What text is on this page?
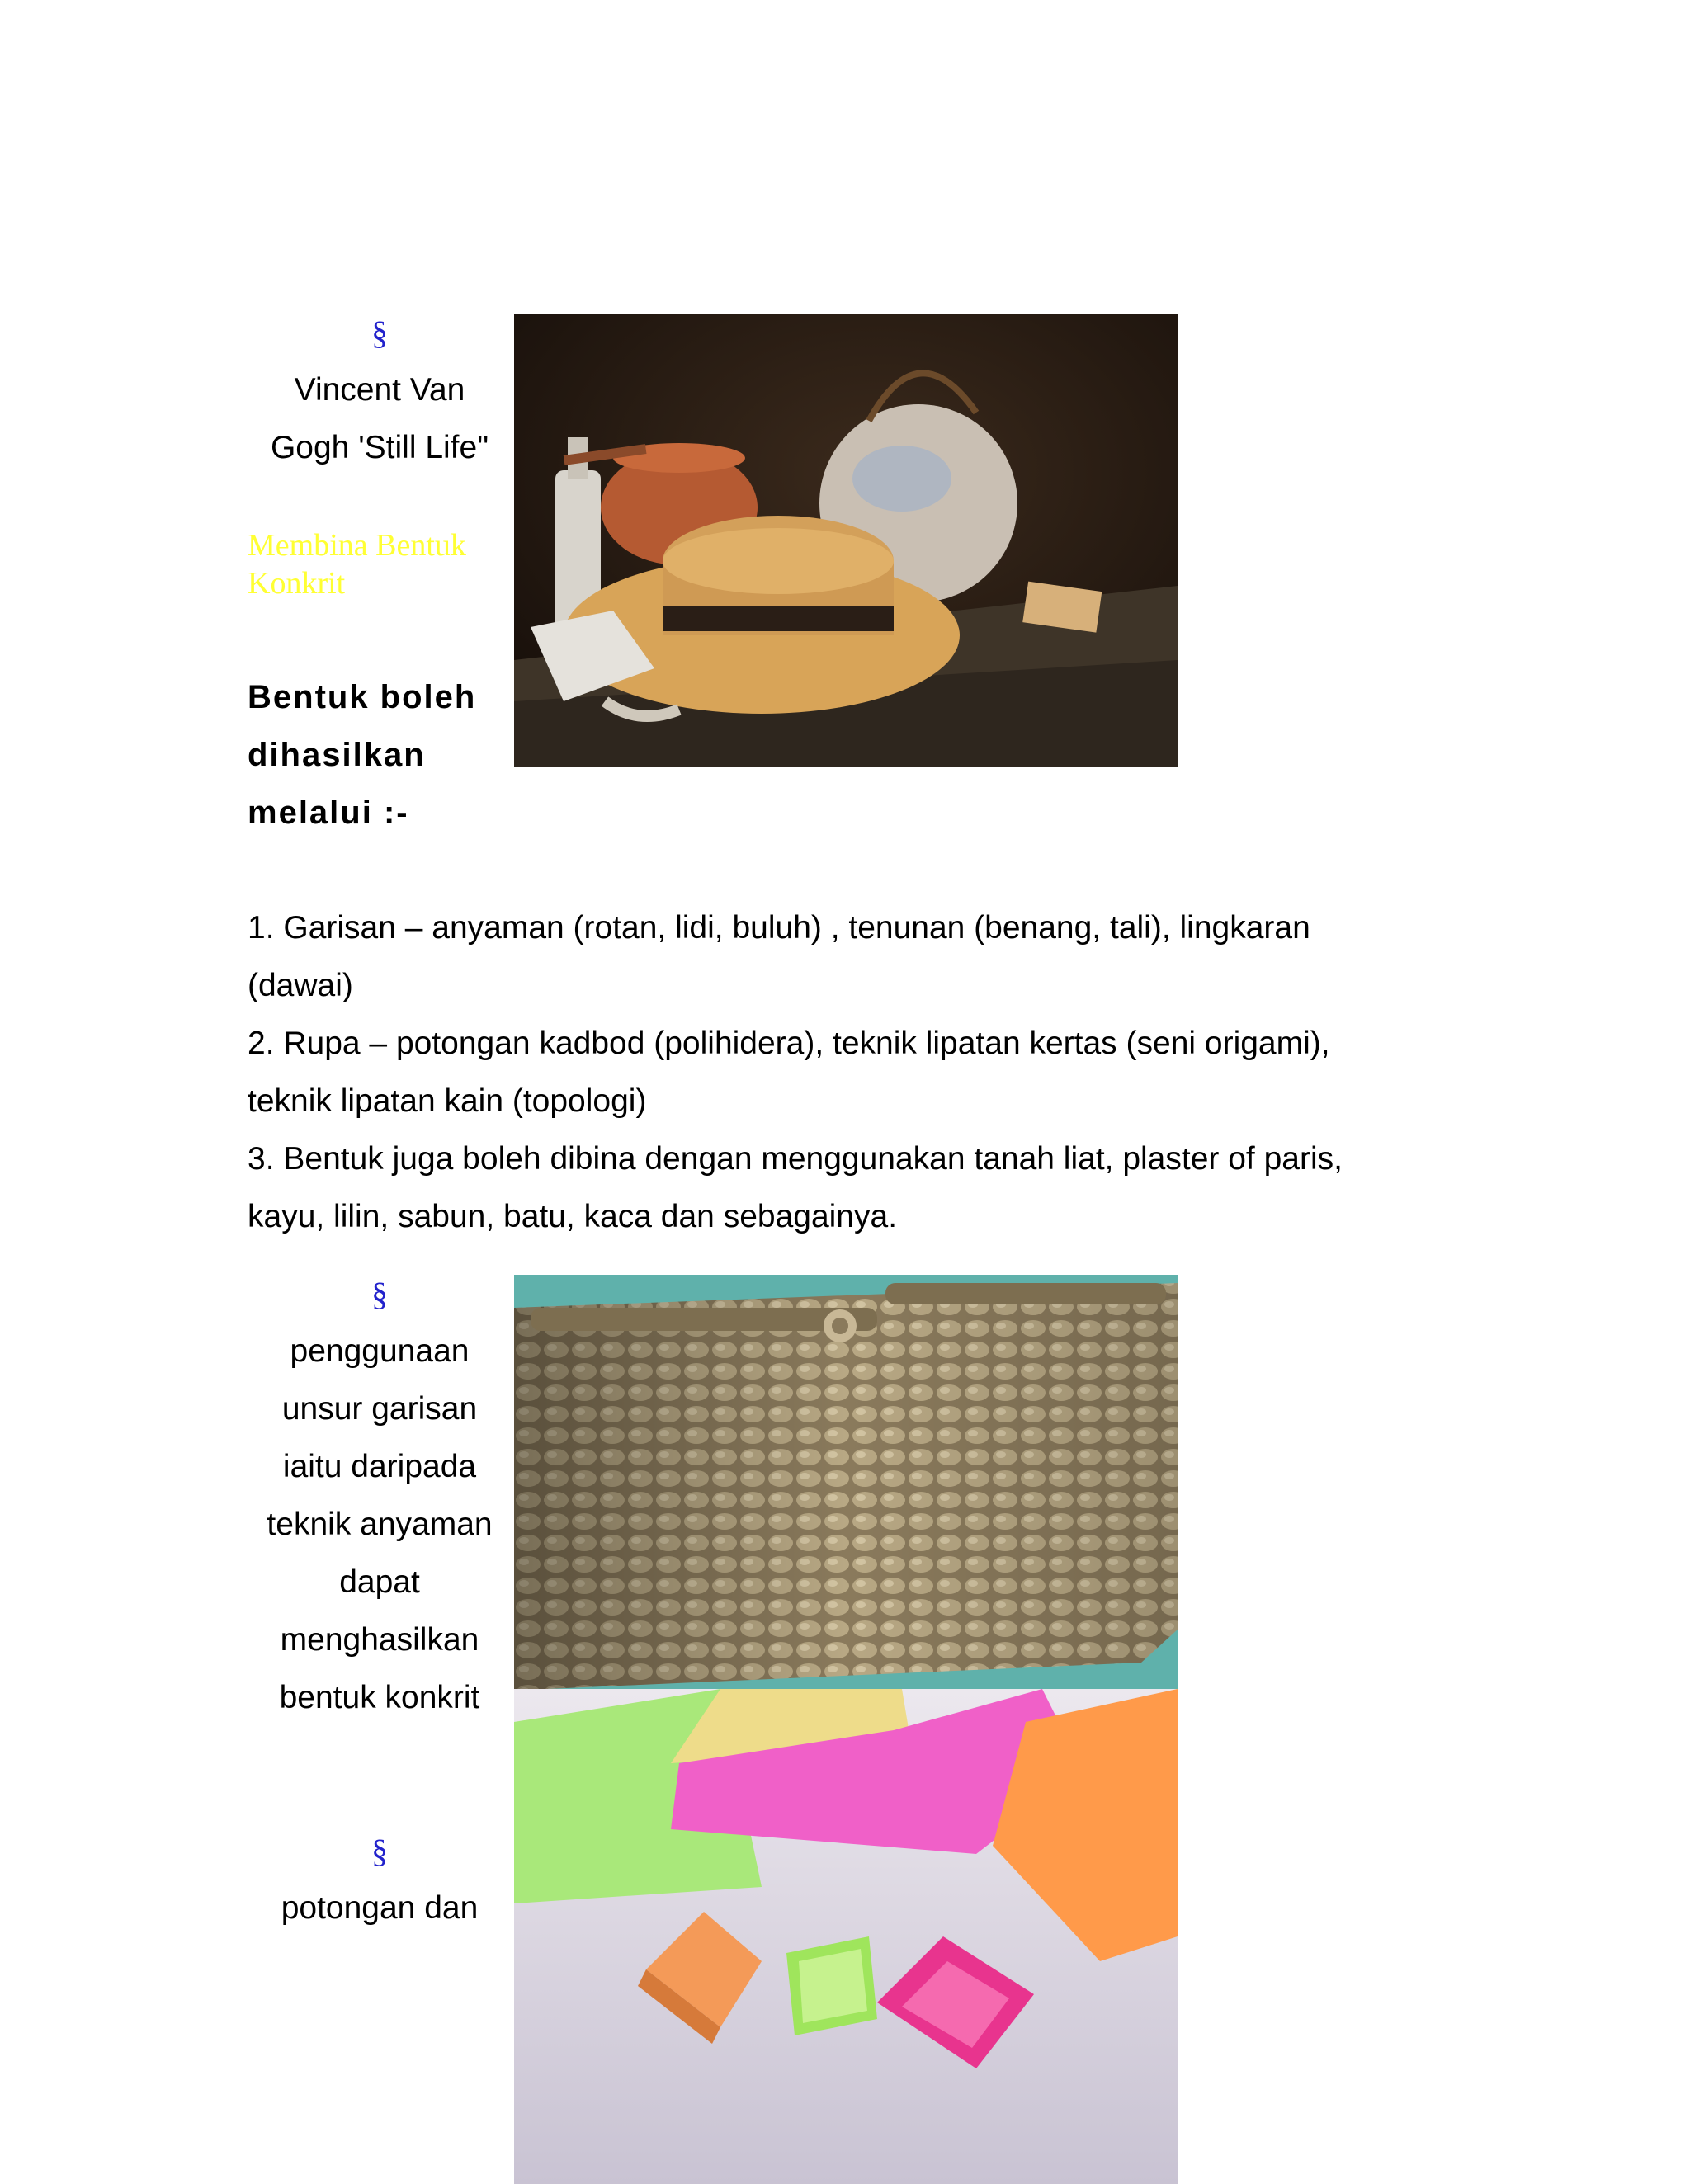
§
Vincent Van
Gogh 'Still Life"
Membina Bentuk
Konkrit
Bentuk boleh
dihasilkan
melalui :-

1. Garisan – anyaman (rotan, lidi, buluh) , tenunan (benang, tali), lingkaran (dawai)

2. Rupa – potongan kadbod (polihidera), teknik lipatan kertas (seni origami), teknik lipatan kain (topologi)

3. Bentuk juga boleh dibina dengan menggunakan tanah liat, plaster of paris, kayu, lilin, sabun, batu, kaca dan sebagainya.

§
penggunaan
unsur garisan
iaitu daripada
teknik anyaman
dapat
menghasilkan
bentuk konkrit
§
potongan dan
